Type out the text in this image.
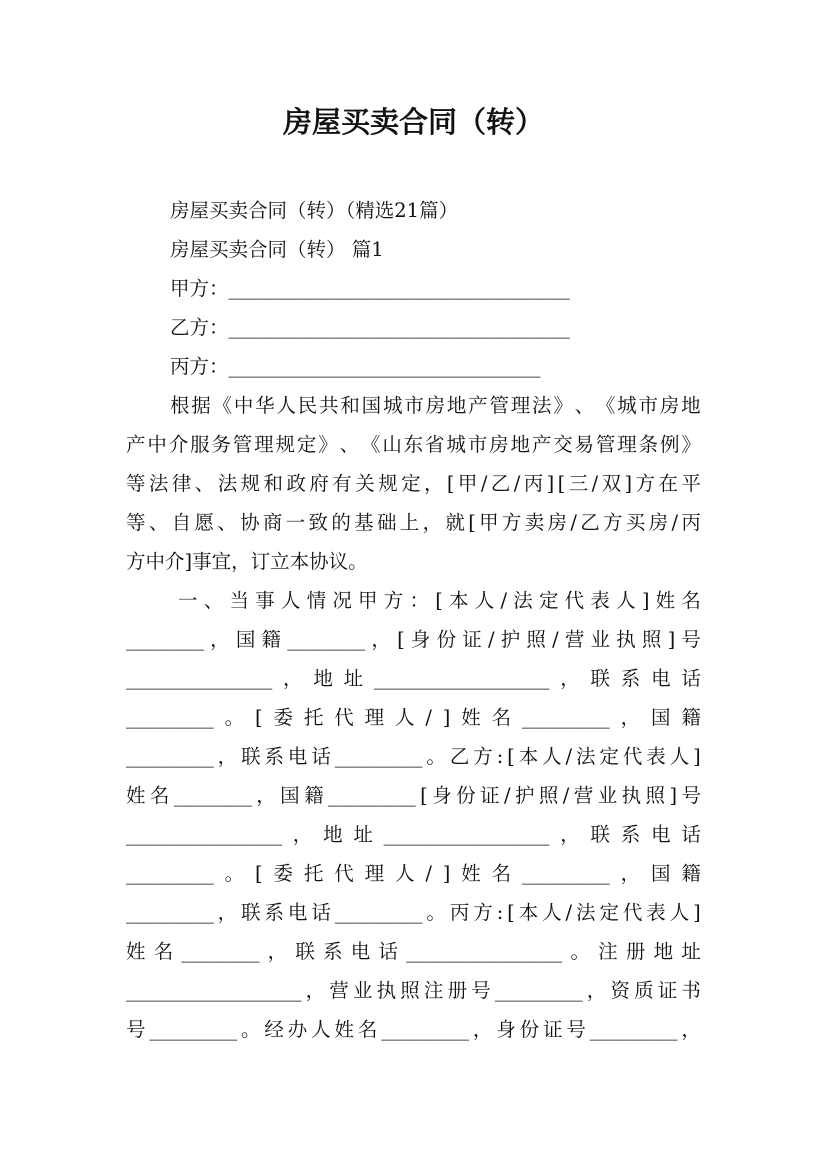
房屋买卖合同（转）
房屋买卖合同（转）（精选21篇）
房屋买卖合同（转） 篇1
甲方：___________________________________
乙方：___________________________________
丙方：________________________________
根 据 《 中 华 人 民 共 和 国 城 市 房 地 产 管 理 法 》 、 《 城 市 房 地
产 中 介 服 务 管 理 规 定 》 、 《 山 东 省 城 市 房 地 产 交 易 管 理 条 例 》
等 法 律 、 法 规 和 政 府 有 关 规 定 ， [ 甲 / 乙 / 丙 ] [ 三 / 双 ] 方 在 平
等 、 自 愿 、 协 商 一 致 的 基 础 上 ， 就 [ 甲 方 卖 房 / 乙 方 买 房 / 丙
方中介]事宜，订立本协议。
一 、 当 事 人 情 况 甲 方 ： [ 本 人 / 法 定 代 表 人 ] 姓 名
________ ， 国 籍 ________ ， [ 身 份 证 / 护 照 / 营 业 执 照 ] 号
_______________ ， 地 址 __________________ ， 联 系 电 话
_________ 。 [ 委 托 代 理 人 / ] 姓 名 _________ ， 国 籍
_________ ， 联 系 电 话 _________ 。 乙 方 : [ 本 人 / 法 定 代 表 人 ]
姓 名 ________ ， 国 籍 _________ [ 身 份 证 / 护 照 / 营 业 执 照 ] 号
________________ ， 地 址 _________________ ， 联 系 电 话
_________ 。 [ 委 托 代 理 人 / ] 姓 名 _________ ， 国 籍
_________ ， 联 系 电 话 _________ 。 丙 方 : [ 本 人 / 法 定 代 表 人 ]
姓 名 ________ ， 联 系 电 话 ________________ 。 注 册 地 址
__________________ ， 营 业 执 照 注 册 号 _________ ， 资 质 证 书
号 _________ 。 经 办 人 姓 名 _________ ， 身 份 证 号 _________ ，
